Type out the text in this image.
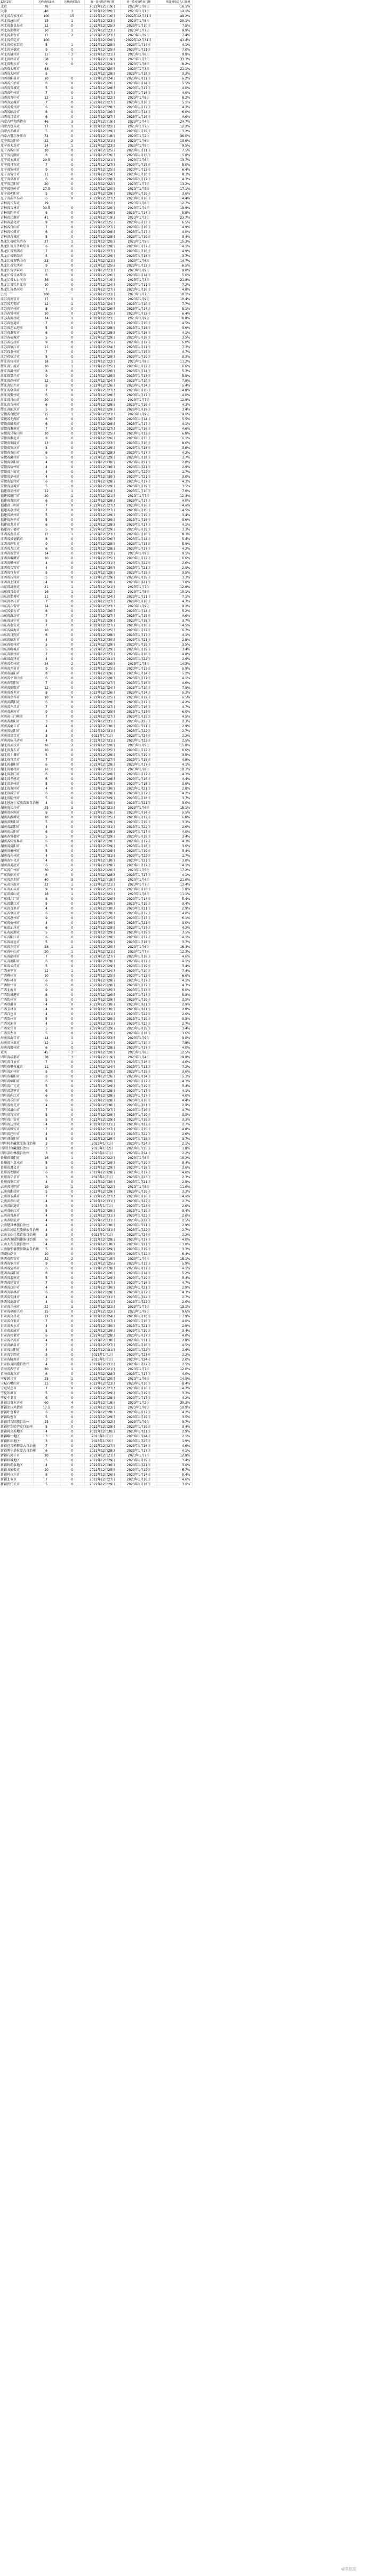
12月15日	达峰速度最高	达峰速度最高	第一波疫情达峰日期	第一波疫情结束日期	累计感染总人口比例
北京	78		2022年12月19日	2023年1月8日	16.1%
天津	40	3	2022年12月20日	2023年1月1日	14.1%
河北省石家庄市	100	15	2022年12月16日	2022年12月31日	49.2%
河北省唐山市	15	1	2022年12月23日	2023年1月8日	20.1%
河北省秦皇岛市	12	0	2022年12月25日	2023年1月10日	7.5%
河北省邯郸市	10	1	2022年12月23日	2023年1月7日	9.9%
河北省邢台市	11	2	2022年12月23日	2023年1月9日	7.4%
河北省保定市	100		2022年12月20日	2022年12月31日	41.4%
河北省张家口市	5	1	2022年12月25日	2023年1月14日	4.1%
河北省承德市	9	0	2022年12月25日	2023年1月11日	7.0%
河北省沧州市	13	3	2022年12月21日	2023年1月6日	9.8%
河北省廊坊市	58	1	2022年12月19日	2023年1月3日	33.3%
河北省衡水市	9	0	2022年12月24日	2023年1月8日	8.2%
山西省太原市	48		2022年12月20日	2023年1月3日	21.1%
山西省大同市	5		2022年12月28日	2023年1月18日	3.3%
山西省阳泉市	10	0	2022年12月24日	2023年1月11日	6.2%
山西省长治市	8	0	2022年12月26日	2023年1月14日	5.5%
山西省晋城市	5	0	2022年12月28日	2023年1月17日	4.0%
山西省朔州市	7	0	2022年12月27日	2023年1月16日	4.6%
山西省晋中市	12	1	2022年12月22日	2023年1月8日	8.2%
山西省运城市	7	0	2022年12月27日	2023年1月16日	5.1%
山西省忻州市	6	0	2022年12月28日	2023年1月17日	4.2%
山西省临汾市	8	0	2022年12月26日	2023年1月14日	6.0%
山西省吕梁市	6	0	2022年12月27日	2023年1月16日	4.6%
内蒙古呼和浩特市	46	3	2022年12月19日	2023年1月4日	24.7%
内蒙古包头市	17	1	2022年12月22日	2023年1月7日	12.2%
内蒙古赤峰市	5	0	2022年12月29日	2023年1月19日	3.2%
内蒙古鄂尔多斯市	74	0	2022年12月18日	2023年1月2日	36.0%
辽宁省沈阳市	22	2	2022年12月21日	2023年1月6日	13.6%
辽宁省大连市	14	1	2022年12月23日	2023年1月9日	9.5%
辽宁省鞍山市	10	0	2022年12月25日	2023年1月11日	7.5%
辽宁省抚顺市	8	0	2022年12月26日	2023年1月13日	5.8%
辽宁省本溪市	20.5	0	2022年12月21日	2023年1月6日	13.7%
辽宁省丹东市	7	0	2022年12月27日	2023年1月15日	5.0%
辽宁省锦州市	9	0	2022年12月25日	2023年1月12日	6.4%
辽宁省营口市	11	0	2022年12月24日	2023年1月10日	8.3%
辽宁省阜新市	6	0	2022年12月28日	2023年1月17日	4.3%
辽宁省辽阳市	20	0	2022年12月22日	2023年1月7日	13.2%
辽宁省铁岭市	27.5	0	2022年12月20日	2023年1月5日	17.1%
辽宁省朝阳市	5	0	2022年12月29日	2023年1月19日	3.6%
辽宁省葫芦岛市	6	0	2022年12月27日	2023年1月16日	4.4%
吉林省长春市	19		2022年12月22日	2023年1月8日	12.7%
吉林省吉林市	30.5	0	2022年12月20日	2023年1月4日	19.9%
吉林省四平市	8	0	2022年12月26日	2023年1月14日	5.8%
吉林省辽源市	41	0	2022年12月19日	2023年1月3日	23.7%
吉林省通化市	9	0	2022年12月25日	2023年1月13日	6.5%
吉林省白山市	7	0	2022年12月27日	2023年1月16日	4.9%
吉林省松原市	6	0	2022年12月28日	2023年1月17日	4.0%
吉林省白城市	5	0	2022年12月29日	2023年1月19日	3.4%
黑龙江省哈尔滨市	27	1	2022年12月20日	2023年1月5日	15.3%
黑龙江省齐齐哈尔市	6	0	2022年12月28日	2023年1月17日	4.1%
黑龙江省鸡西市	7	0	2022年12月27日	2023年1月16日	4.9%
黑龙江省鹤岗市	5	0	2022年12月29日	2023年1月18日	3.7%
黑龙江省双鸭山市	23	0	2022年12月21日	2023年1月6日	14.7%
黑龙江省大庆市	9	0	2022年12月25日	2023年1月12日	6.5%
黑龙江省伊春市	13	0	2022年12月23日	2023年1月9日	9.0%
黑龙江省佳木斯市	8	0	2022年12月26日	2023年1月14日	5.6%
黑龙江省七台河市	36	0	2022年12月19日	2023年1月3日	21.8%
黑龙江省牡丹江市	10	0	2022年12月24日	2023年1月11日	7.2%
黑龙江省黑河市	7	0	2022年12月27日	2023年1月16日	4.8%
上海	200		2022年12月22日	2023年1月7日	10.1%
江苏省南京市	17	1	2022年12月23日	2023年1月9日	10.4%
江苏省无锡市	12	1	2022年12月24日	2023年1月10日	7.7%
江苏省徐州市	8	0	2022年12月26日	2023年1月14日	5.1%
江苏省常州市	10	0	2022年12月25日	2023年1月12日	6.4%
江苏省苏州市	14	1	2022年12月23日	2023年1月9日	8.8%
江苏省南通市	7	0	2022年12月27日	2023年1月15日	4.5%
江苏省连云港市	5	0	2022年12月28日	2023年1月18日	3.6%
江苏省淮安市	6	0	2022年12月28日	2023年1月16日	4.1%
江苏省盐城市	5	0	2022年12月29日	2023年1月18日	3.5%
江苏省扬州市	9	0	2022年12月25日	2023年1月12日	6.0%
江苏省镇江市	11	0	2022年12月24日	2023年1月11日	7.3%
江苏省泰州市	7	0	2022年12月27日	2023年1月15日	4.7%
江苏省宿迁市	5	0	2022年12月29日	2023年1月19日	3.3%
浙江省杭州市	18	1	2022年12月22日	2023年1月8日	11.2%
浙江省宁波市	10	1	2022年12月25日	2023年1月12日	6.6%
浙江省温州市	8	0	2022年12月26日	2023年1月14日	5.3%
浙江省嘉兴市	9	0	2022年12月25日	2023年1月13日	5.9%
浙江省湖州市	12	0	2022年12月24日	2023年1月10日	7.8%
浙江省绍兴市	8	0	2022年12月26日	2023年1月14日	5.4%
浙江省金华市	7	0	2022年12月27日	2023年1月15日	4.8%
浙江省衢州市	6	0	2022年12月28日	2023年1月17日	4.0%
浙江省舟山市	20	0	2022年12月21日	2023年1月7日	12.9%
浙江省台州市	6	0	2022年12月28日	2023年1月16日	4.3%
浙江省丽水市	5	0	2022年12月29日	2023年1月19日	3.4%
安徽省合肥市	15	1	2022年12月23日	2023年1月9日	9.6%
安徽省芜湖市	8	0	2022年12月26日	2023年1月14日	5.5%
安徽省蚌埠市	6	0	2022年12月28日	2023年1月17日	4.1%
安徽省淮南市	7	0	2022年12月27日	2023年1月16日	4.6%
安徽省马鞍山市	10	0	2022年12月25日	2023年1月12日	6.8%
安徽省淮北市	9	0	2022年12月26日	2023年1月13日	6.1%
安徽省铜陵市	13	0	2022年12月23日	2023年1月10日	8.6%
安徽省安庆市	5	0	2022年12月29日	2023年1月18日	3.6%
安徽省黄山市	6	0	2022年12月28日	2023年1月17日	4.2%
安徽省滁州市	5	0	2022年12月29日	2023年1月18日	3.7%
安徽省阜阳市	4	0	2022年12月30日	2023年1月21日	2.8%
安徽省宿州市	4	0	2022年12月30日	2023年1月21日	2.9%
安徽省六安市	4	0	2022年12月31日	2023年1月22日	2.7%
安徽省亳州市	4	0	2022年12月30日	2023年1月21日	3.0%
安徽省池州市	6	0	2022年12月28日	2023年1月17日	4.3%
安徽省宣城市	5	0	2022年12月29日	2023年1月19日	3.5%
福建省福州市	12	1	2022年12月24日	2023年1月10日	7.6%
福建省厦门市	20	1	2022年12月21日	2023年1月7日	12.4%
福建省莆田市	6	0	2022年12月28日	2023年1月17日	4.0%
福建省三明市	7	0	2022年12月27日	2023年1月16日	4.6%
福建省泉州市	7	0	2022年12月27日	2023年1月15日	4.5%
福建省漳州市	5	0	2022年12月29日	2023年1月19日	3.4%
福建省南平市	5	0	2022年12月29日	2023年1月18日	3.6%
福建省龙岩市	6	0	2022年12月28日	2023年1月17日	4.1%
福建省宁德市	5	0	2022年12月29日	2023年1月19日	3.3%
江西省南昌市	13	1	2022年12月23日	2023年1月10日	8.3%
江西省景德镇市	8	0	2022年12月26日	2023年1月14日	5.4%
江西省萍乡市	9	0	2022年12月25日	2023年1月13日	5.9%
江西省九江市	6	0	2022年12月28日	2023年1月17日	4.2%
江西省新余市	14	0	2022年12月23日	2023年1月9日	9.1%
江西省鹰潭市	10	0	2022年12月25日	2023年1月12日	6.6%
江西省赣州市	4	0	2022年12月31日	2023年1月22日	2.6%
江西省吉安市	4	0	2022年12月30日	2023年1月21日	2.9%
江西省宜春市	5	0	2022年12月29日	2023年1月19日	3.5%
江西省抚州市	5	0	2022年12月29日	2023年1月19日	3.3%
江西省上饶市	4	0	2022年12月30日	2023年1月21日	3.0%
山东省济南市	21	1	2022年12月21日	2023年1月7日	12.8%
山东省青岛市	16	1	2022年12月22日	2023年1月8日	10.1%
山东省淄博市	11	0	2022年12月24日	2023年1月11日	7.1%
山东省枣庄市	7	0	2022年12月27日	2023年1月16日	4.7%
山东省东营市	14	0	2022年12月23日	2023年1月9日	9.2%
山东省烟台市	8	0	2022年12月26日	2023年1月14日	5.2%
山东省潍坊市	7	0	2022年12月27日	2023年1月15日	4.6%
山东省济宁市	5	0	2022年12月29日	2023年1月18日	3.7%
山东省泰安市	7	0	2022年12月27日	2023年1月16日	4.5%
山东省威海市	10	0	2022年12月25日	2023年1月12日	6.7%
山东省日照市	6	0	2022年12月28日	2023年1月17日	4.1%
山东省临沂市	4	0	2022年12月30日	2023年1月21日	2.8%
山东省德州市	5	0	2022年12月29日	2023年1月19日	3.5%
山东省聊城市	5	0	2022年12月29日	2023年1月19日	3.4%
山东省滨州市	7	0	2022年12月27日	2023年1月16日	4.8%
山东省菏泽市	4	0	2022年12月31日	2023年1月22日	2.6%
河南省郑州市	24	2	2022年12月20日	2023年1月5日	14.3%
河南省开封市	9	0	2022年12月25日	2023年1月13日	5.9%
河南省洛阳市	8	0	2022年12月26日	2023年1月14日	5.2%
河南省平顶山市	6	0	2022年12月28日	2023年1月17日	4.1%
河南省安阳市	7	0	2022年12月27日	2023年1月16日	4.6%
河南省鹤壁市	12	0	2022年12月24日	2023年1月10日	7.9%
河南省新乡市	8	0	2022年12月26日	2023年1月14日	5.3%
河南省焦作市	10	0	2022年12月25日	2023年1月12日	6.5%
河南省濮阳市	6	0	2022年12月28日	2023年1月17日	4.2%
河南省许昌市	7	0	2022年12月27日	2023年1月16日	4.7%
河南省漯河市	9	0	2022年12月25日	2023年1月13日	6.0%
河南省三门峡市	7	0	2022年12月27日	2023年1月15日	4.5%
河南省南阳市	3	0	2022年12月31日	2023年1月23日	2.3%
河南省商丘市	4	0	2022年12月30日	2023年1月21日	2.9%
河南省信阳市	4	0	2022年12月31日	2023年1月22日	2.7%
河南省周口市	3	0	2023年1月1日	2023年1月24日	2.2%
河南省驻马店市	4	0	2022年12月31日	2023年1月22日	2.5%
湖北省武汉市	26	2	2022年12月20日	2023年1月5日	15.8%
湖北省黄石市	10	0	2022年12月25日	2023年1月12日	6.6%
湖北省十堰市	5	0	2022年12月29日	2023年1月19日	3.5%
湖北省宜昌市	7	0	2022年12月27日	2023年1月15日	4.8%
湖北省襄阳市	6	0	2022年12月28日	2023年1月17日	4.1%
湖北省鄂州市	16	0	2022年12月22日	2023年1月8日	10.3%
湖北省荆门市	6	0	2022年12月28日	2023年1月17日	4.3%
湖北省孝感市	6	0	2022年12月28日	2023年1月16日	4.4%
湖北省荆州市	5	0	2022年12月29日	2023年1月18日	3.6%
湖北省黄冈市	4	0	2022年12月30日	2023年1月21日	2.8%
湖北省咸宁市	6	0	2022年12月28日	2023年1月17日	4.2%
湖北省随州市	5	0	2022年12月29日	2023年1月18日	3.7%
湖北恩施土家族苗族自治州	4	0	2022年12月30日	2023年1月21日	3.0%
湖南省长沙市	25	1	2022年12月21日	2023年1月6日	15.1%
湖南省株洲市	8	0	2022年12月26日	2023年1月14日	5.5%
湖南省湘潭市	10	0	2022年12月25日	2023年1月12日	6.8%
湖南省衡阳市	5	0	2022年12月29日	2023年1月19日	3.3%
湖南省邵阳市	4	0	2022年12月31日	2023年1月22日	2.6%
湖南省岳阳市	6	0	2022年12月28日	2023年1月17日	4.0%
湖南省常德市	5	0	2022年12月29日	2023年1月19日	3.4%
湖南省张家界市	6	0	2022年12月28日	2023年1月17日	4.3%
湖南省益阳市	5	0	2022年12月29日	2023年1月18日	3.6%
湖南省郴州市	5	0	2022年12月29日	2023年1月19日	3.4%
湖南省永州市	4	0	2022年12月31日	2023年1月22日	2.7%
湖南省怀化市	4	0	2022年12月30日	2023年1月21日	3.0%
湖南省娄底市	6	0	2022年12月28日	2023年1月17日	4.1%
广东省广州市	30	2	2022年12月20日	2023年1月5日	17.2%
广东省韶关市	6	0	2022年12月28日	2023年1月17日	4.1%
广东省深圳市	40	3	2022年12月19日	2023年1月4日	21.6%
广东省珠海市	22	1	2022年12月21日	2023年1月7日	13.4%
广东省汕头市	9	0	2022年12月25日	2023年1月13日	5.8%
广东省佛山市	18	1	2022年12月22日	2023年1月8日	11.1%
广东省江门市	8	0	2022年12月26日	2023年1月14日	5.4%
广东省湛江市	5	0	2022年12月29日	2023年1月19日	3.4%
广东省茂名市	4	0	2022年12月30日	2023年1月21日	2.9%
广东省肇庆市	6	0	2022年12月28日	2023年1月17日	4.0%
广东省惠州市	9	0	2022年12月25日	2023年1月13日	6.1%
广东省梅州市	4	0	2022年12月30日	2023年1月21日	3.0%
广东省汕尾市	6	0	2022年12月28日	2023年1月17日	4.2%
广东省河源市	5	0	2022年12月29日	2023年1月19日	3.5%
广东省阳江市	6	0	2022年12月28日	2023年1月17日	4.1%
广东省清远市	5	0	2022年12月29日	2023年1月18日	3.7%
广东省东莞市	28	1	2022年12月20日	2023年1月6日	16.4%
广东省中山市	20	1	2022年12月21日	2023年1月7日	12.3%
广东省潮州市	7	0	2022年12月27日	2023年1月16日	4.6%
广东省揭阳市	6	0	2022年12月28日	2023年1月17日	4.1%
广东省云浮市	5	0	2022年12月29日	2023年1月19日	3.4%
广西南宁市	12	1	2022年12月24日	2023年1月10日	7.4%
广西柳州市	10	0	2022年12月25日	2023年1月12日	6.6%
广西桂林市	6	0	2022年12月28日	2023年1月17日	4.1%
广西梧州市	6	0	2022年12月28日	2023年1月17日	4.3%
广西北海市	9	0	2022年12月25日	2023年1月13日	6.0%
广西防城港市	8	0	2022年12月26日	2023年1月14日	5.3%
广西钦州市	5	0	2022年12月29日	2023年1月19日	3.5%
广西贵港市	4	0	2022年12月30日	2023年1月21日	2.9%
广西玉林市	4	0	2022年12月30日	2023年1月21日	2.8%
广西百色市	4	0	2022年12月31日	2023年1月22日	2.6%
广西贺州市	5	0	2022年12月29日	2023年1月19日	3.3%
广西河池市	4	0	2022年12月31日	2023年1月22日	2.7%
广西来宾市	5	0	2022年12月29日	2023年1月19日	3.4%
广西崇左市	5	0	2022年12月29日	2023年1月18日	3.6%
海南省海口市	14	1	2022年12月23日	2023年1月9日	9.0%
海南省三亚市	12	1	2022年12月24日	2023年1月10日	7.8%
海南省儋州市	6	0	2022年12月28日	2023年1月17日	4.0%
重庆	45	3	2022年12月20日	2023年1月6日	12.5%
四川省成都市	38	3	2022年12月19日	2023年1月4日	19.8%
四川省自贡市	7	0	2022年12月27日	2023年1月16日	4.6%
四川省攀枝花市	11	0	2022年12月24日	2023年1月11日	7.2%
四川省泸州市	5	0	2022年12月29日	2023年1月19日	3.6%
四川省德阳市	8	0	2022年12月26日	2023年1月14日	5.3%
四川省绵阳市	6	0	2022年12月28日	2023年1月17日	4.3%
四川省广元市	5	0	2022年12月29日	2023年1月19日	3.4%
四川省遂宁市	6	0	2022年12月28日	2023年1月17日	4.1%
四川省内江市	6	0	2022年12月28日	2023年1月17日	4.0%
四川省乐山市	6	0	2022年12月28日	2023年1月16日	4.4%
四川省南充市	4	0	2022年12月30日	2023年1月21日	2.9%
四川省眉山市	7	0	2022年12月27日	2023年1月16日	4.7%
四川省宜宾市	5	0	2022年12月29日	2023年1月19日	3.5%
四川省广安市	5	0	2022年12月29日	2023年1月19日	3.3%
四川省达州市	4	0	2022年12月31日	2023年1月22日	2.7%
四川省雅安市	7	0	2022年12月27日	2023年1月15日	4.8%
四川省巴中市	4	0	2022年12月31日	2023年1月22日	2.6%
四川省资阳市	5	0	2022年12月29日	2023年1月18日	3.7%
四川阿坝藏族羌族自治州	3	0	2023年1月1日	2023年1月24日	2.1%
四川甘孜藏族自治州	3	0	2023年1月2日	2023年1月25日	1.8%
四川凉山彝族自治州	3	0	2023年1月1日	2023年1月24日	2.2%
贵州省贵阳市	16	1	2022年12月22日	2023年1月8日	10.2%
贵州省六盘水市	5	0	2022年12月29日	2023年1月19日	3.4%
贵州省遵义市	5	0	2022年12月29日	2023年1月18日	3.6%
贵州省安顺市	6	0	2022年12月28日	2023年1月17日	4.0%
贵州省毕节市	3	0	2023年1月1日	2023年1月23日	2.3%
贵州省铜仁市	4	0	2022年12月30日	2023年1月21日	2.8%
云南省昆明市	19	1	2022年12月22日	2023年1月8日	11.6%
云南省曲靖市	5	0	2022年12月29日	2023年1月19日	3.3%
云南省玉溪市	7	0	2022年12月27日	2023年1月16日	4.6%
云南省保山市	4	0	2022年12月31日	2023年1月22日	2.7%
云南省昭通市	3	0	2023年1月1日	2023年1月24日	2.0%
云南省丽江市	5	0	2022年12月29日	2023年1月19日	3.4%
云南省普洱市	4	0	2022年12月31日	2023年1月22日	2.6%
云南省临沧市	4	0	2022年12月31日	2023年1月22日	2.5%
云南楚雄彝族自治州	4	0	2022年12月30日	2023年1月21日	2.9%
云南红河哈尼族彝族自治州	4	0	2022年12月31日	2023年1月22日	2.7%
云南文山壮族苗族自治州	3	0	2023年1月1日	2023年1月24日	2.2%
云南西双版纳傣族自治州	6	0	2022年12月28日	2023年1月17日	4.0%
云南大理白族自治州	4	0	2022年12月30日	2023年1月21日	3.0%
云南德宏傣族景颇族自治州	5	0	2022年12月29日	2023年1月19日	3.3%
西藏拉萨市	10	0	2022年12月25日	2023年1月12日	6.4%
陕西省西安市	32	2	2022年12月19日	2023年1月4日	18.1%
陕西省铜川市	9	0	2022年12月25日	2023年1月13日	5.9%
陕西省宝鸡市	6	0	2022年12月28日	2023年1月17日	4.1%
陕西省咸阳市	8	0	2022年12月26日	2023年1月14日	5.2%
陕西省渭南市	5	0	2022年12月29日	2023年1月19日	3.4%
陕西省延安市	7	0	2022年12月27日	2023年1月16日	4.7%
陕西省汉中市	4	0	2022年12月30日	2023年1月21日	2.9%
陕西省榆林市	6	0	2022年12月28日	2023年1月17日	4.3%
陕西省安康市	4	0	2022年12月31日	2023年1月22日	2.7%
陕西省商洛市	4	0	2022年12月31日	2023年1月22日	2.6%
甘肃省兰州市	22	1	2022年12月21日	2023年1月7日	13.1%
甘肃省嘉峪关市	15	0	2022年12月22日	2023年1月9日	9.6%
甘肃省金昌市	12	0	2022年12月24日	2023年1月10日	7.9%
甘肃省白银市	7	0	2022年12月27日	2023年1月16日	4.6%
甘肃省天水市	4	0	2022年12月30日	2023年1月21日	2.9%
甘肃省武威市	5	0	2022年12月29日	2023年1月19日	3.4%
甘肃省张掖市	6	0	2022年12月28日	2023年1月17日	4.0%
甘肃省平凉市	4	0	2022年12月30日	2023年1月21日	2.8%
甘肃省酒泉市	7	0	2022年12月27日	2023年1月16日	4.5%
甘肃省庆阳市	4	0	2022年12月31日	2023年1月22日	2.6%
甘肃省定西市	3	0	2023年1月1日	2023年1月23日	2.2%
甘肃省陇南市	3	0	2023年1月1日	2023年1月24日	2.0%
甘肃临夏回族自治州	4	0	2022年12月31日	2023年1月22日	2.5%
青海省西宁市	20	1	2022年12月21日	2023年1月7日	12.6%
青海省海东市	6	0	2022年12月28日	2023年1月17日	4.0%
宁夏银川市	25	1	2022年12月20日	2023年1月6日	14.9%
宁夏石嘴山市	13	0	2022年12月23日	2023年1月10日	8.4%
宁夏吴忠市	7	0	2022年12月27日	2023年1月16日	4.7%
宁夏固原市	5	0	2022年12月29日	2023年1月19日	3.3%
宁夏中卫市	6	0	2022年12月28日	2023年1月17日	4.2%
新疆乌鲁木齐市	60	4	2022年12月18日	2023年1月2日	30.3%
新疆克拉玛依市	17.5	0	2022年12月22日	2023年1月8日	10.9%
新疆吐鲁番市	6	0	2022年12月28日	2023年1月17日	4.2%
新疆哈密市	5	0	2022年12月29日	2023年1月19日	3.5%
新疆昌吉回族自治州	15	0	2022年12月22日	2023年1月9日	9.7%
新疆伊犁哈萨克自治州	5	0	2022年12月29日	2023年1月19日	3.4%
新疆阿克苏地区	4	0	2022年12月30日	2023年1月21日	2.9%
新疆喀什地区	3	0	2023年1月1日	2023年1月24日	2.1%
新疆和田地区	3	0	2023年1月2日	2023年1月25日	1.9%
新疆巴音郭楞蒙古自治州	7	0	2022年12月27日	2023年1月16日	4.6%
新疆博尔塔拉蒙古自治州	6	0	2022年12月28日	2023年1月17日	4.1%
新疆石河子市	20	0	2022年12月21日	2023年1月7日	12.8%
新疆塔城地区	5	0	2022年12月29日	2023年1月19日	3.4%
新疆阿勒泰地区	4	0	2022年12月30日	2023年1月21日	3.0%
新疆五家渠市	10	0	2022年12月25日	2023年1月12日	6.7%
新疆阿拉尔市	8	0	2022年12月26日	2023年1月14日	5.4%
新疆北屯市	7	0	2022年12月27日	2023年1月16日	4.6%
新疆铁门关市	5	0	2022年12月29日	2023年1月18日	3.6%
@数据派
